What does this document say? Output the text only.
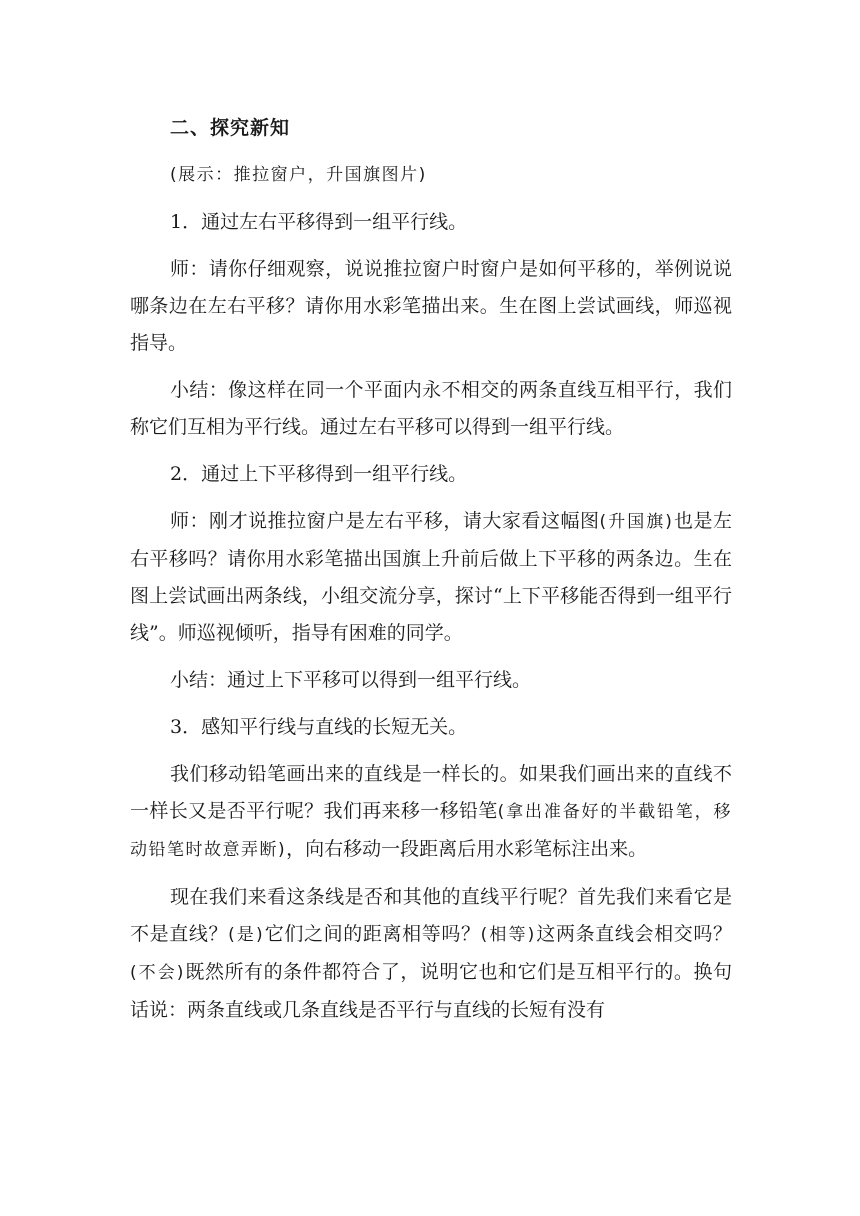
二、探究新知

(展示：推拉窗户，升国旗图片)

1．通过左右平移得到一组平行线。

师：请你仔细观察，说说推拉窗户时窗户是如何平移的，举例说说哪条边在左右平移？请你用水彩笔描出来。生在图上尝试画线，师巡视指导。

小结：像这样在同一个平面内永不相交的两条直线互相平行，我们称它们互相为平行线。通过左右平移可以得到一组平行线。

2．通过上下平移得到一组平行线。

师：刚才说推拉窗户是左右平移，请大家看这幅图(升国旗)也是左右平移吗？请你用水彩笔描出国旗上升前后做上下平移的两条边。生在图上尝试画出两条线，小组交流分享，探讨“上下平移能否得到一组平行线”。师巡视倾听，指导有困难的同学。

小结：通过上下平移可以得到一组平行线。

3．感知平行线与直线的长短无关。

我们移动铅笔画出来的直线是一样长的。如果我们画出来的直线不一样长又是否平行呢？我们再来移一移铅笔(拿出准备好的半截铅笔，移动铅笔时故意弄断)，向右移动一段距离后用水彩笔标注出来。

现在我们来看这条线是否和其他的直线平行呢？首先我们来看它是不是直线？(是)它们之间的距离相等吗？(相等)这两条直线会相交吗？(不会)既然所有的条件都符合了，说明它也和它们是互相平行的。换句话说：两条直线或几条直线是否平行与直线的长短有没有
